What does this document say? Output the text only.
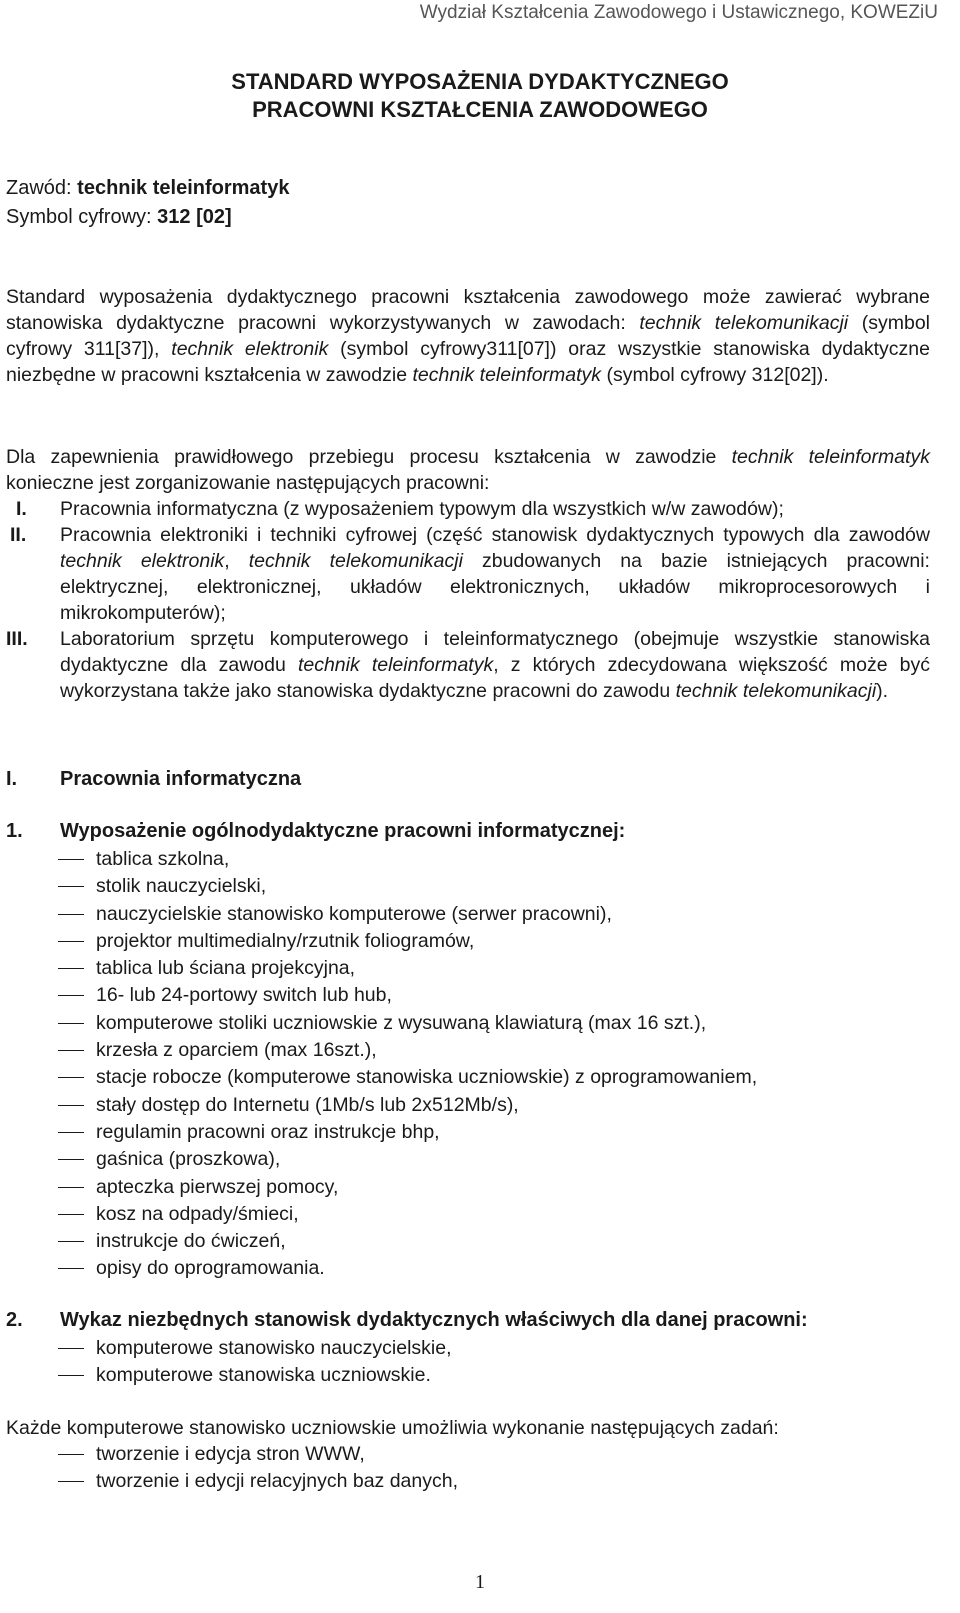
Wydział Kształcenia Zawodowego i Ustawicznego, KOWEZiU
STANDARD WYPOSAŻENIA DYDAKTYCZNEGO
PRACOWNI KSZTAŁCENIA ZAWODOWEGO
Zawód: technik teleinformatyk
Symbol cyfrowy: 312 [02]
Standard wyposażenia dydaktycznego pracowni kształcenia zawodowego może zawierać wybrane stanowiska dydaktyczne pracowni wykorzystywanych w zawodach: technik telekomunikacji (symbol cyfrowy 311[37]), technik elektronik (symbol cyfrowy311[07]) oraz wszystkie stanowiska dydaktyczne niezbędne w pracowni kształcenia w zawodzie technik teleinformatyk (symbol cyfrowy 312[02]).
Dla zapewnienia prawidłowego przebiegu procesu kształcenia w zawodzie technik teleinformatyk konieczne jest zorganizowanie następujących pracowni:
I. Pracownia informatyczna (z wyposażeniem typowym dla wszystkich w/w zawodów);
II. Pracownia elektroniki i techniki cyfrowej (część stanowisk dydaktycznych typowych dla zawodów technik elektronik, technik telekomunikacji zbudowanych na bazie istniejących pracowni: elektrycznej, elektronicznej, układów elektronicznych, układów mikroprocesorowych i mikrokomputerów);
III. Laboratorium sprzętu komputerowego i teleinformatycznego (obejmuje wszystkie stanowiska dydaktyczne dla zawodu technik teleinformatyk, z których zdecydowana większość może być wykorzystana także jako stanowiska dydaktyczne pracowni do zawodu technik telekomunikacji).
I. Pracownia informatyczna
1. Wyposażenie ogólnodydaktyczne pracowni informatycznej:
tablica szkolna,
stolik nauczycielski,
nauczycielskie stanowisko komputerowe (serwer pracowni),
projektor multimedialny/rzutnik foliogramów,
tablica lub ściana projekcyjna,
16- lub 24-portowy switch lub hub,
komputerowe stoliki uczniowskie z wysuwaną klawiaturą (max 16 szt.),
krzesła z oparciem (max 16szt.),
stacje robocze (komputerowe stanowiska uczniowskie) z oprogramowaniem,
stały dostęp do Internetu (1Mb/s lub 2x512Mb/s),
regulamin pracowni oraz instrukcje bhp,
gaśnica (proszkowa),
apteczka pierwszej pomocy,
kosz na odpady/śmieci,
instrukcje do ćwiczeń,
opisy do oprogramowania.
2. Wykaz niezbędnych stanowisk dydaktycznych właściwych dla danej pracowni:
komputerowe stanowisko nauczycielskie,
komputerowe stanowiska uczniowskie.
Każde komputerowe stanowisko uczniowskie umożliwia wykonanie następujących zadań:
tworzenie i edycja stron WWW,
tworzenie i edycji relacyjnych baz danych,
1
